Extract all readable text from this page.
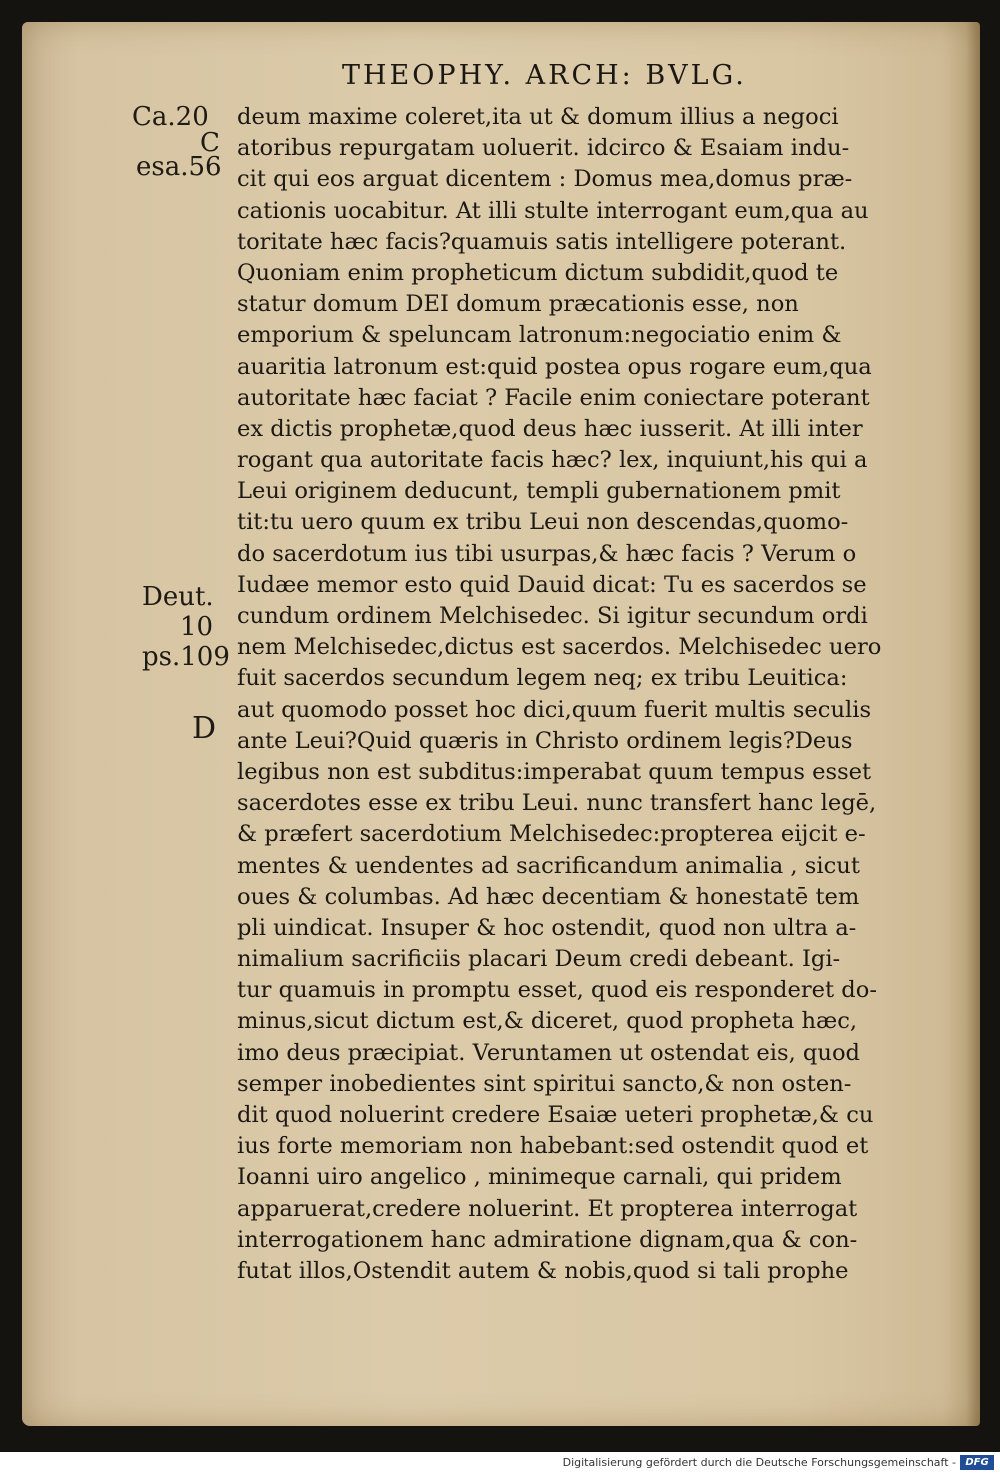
THEOPHY. ARCH: BVLG.
Ca.20
C
esa.56
Deut.
10
ps.109
D
deum maxime coleret,ita ut & domum illius a negoci
atoribus repurgatam uoluerit. idcirco & Esaiam indu-
cit qui eos arguat dicentem : Domus mea,domus præ-
cationis uocabitur. At illi stulte interrogant eum,qua au
toritate hæc facis?quamuis satis intelligere poterant.
Quoniam enim propheticum dictum subdidit,quod te
statur domum DEI domum præcationis esse, non
emporium & speluncam latronum:negociatio enim &
auaritia latronum est:quid postea opus rogare eum,qua
autoritate hæc faciat ? Facile enim coniectare poterant
ex dictis prophetæ,quod deus hæc iusserit. At illi inter
rogant qua autoritate facis hæc? lex, inquiunt,his qui a
Leui originem deducunt, templi gubernationem pmit
tit:tu uero quum ex tribu Leui non descendas,quomo-
do sacerdotum ius tibi usurpas,& hæc facis ? Verum o
Iudæe memor esto quid Dauid dicat: Tu es sacerdos se
cundum ordinem Melchisedec. Si igitur secundum ordi
nem Melchisedec,dictus est sacerdos. Melchisedec uero
fuit sacerdos secundum legem neq; ex tribu Leuitica:
aut quomodo posset hoc dici,quum fuerit multis seculis
ante Leui?Quid quæris in Christo ordinem legis?Deus
legibus non est subditus:imperabat quum tempus esset
sacerdotes esse ex tribu Leui. nunc transfert hanc legē,
& præfert sacerdotium Melchisedec:propterea eijcit e-
mentes & uendentes ad sacrificandum animalia , sicut
oues & columbas. Ad hæc decentiam & honestatē tem
pli uindicat. Insuper & hoc ostendit, quod non ultra a-
nimalium sacrificiis placari Deum credi debeant. Igi-
tur quamuis in promptu esset, quod eis responderet do-
minus,sicut dictum est,& diceret, quod propheta hæc,
imo deus præcipiat. Veruntamen ut ostendat eis, quod
semper inobedientes sint spiritui sancto,& non osten-
dit quod noluerint credere Esaiæ ueteri prophetæ,& cu
ius forte memoriam non habebant:sed ostendit quod et
Ioanni uiro angelico , minimeque carnali, qui pridem
apparuerat,credere noluerint. Et propterea interrogat
interrogationem hanc admiratione dignam,qua & con-
futat illos,Ostendit autem & nobis,quod si tali prophe
Digitalisierung gefördert durch die Deutsche Forschungsgemeinschaft - DFG
